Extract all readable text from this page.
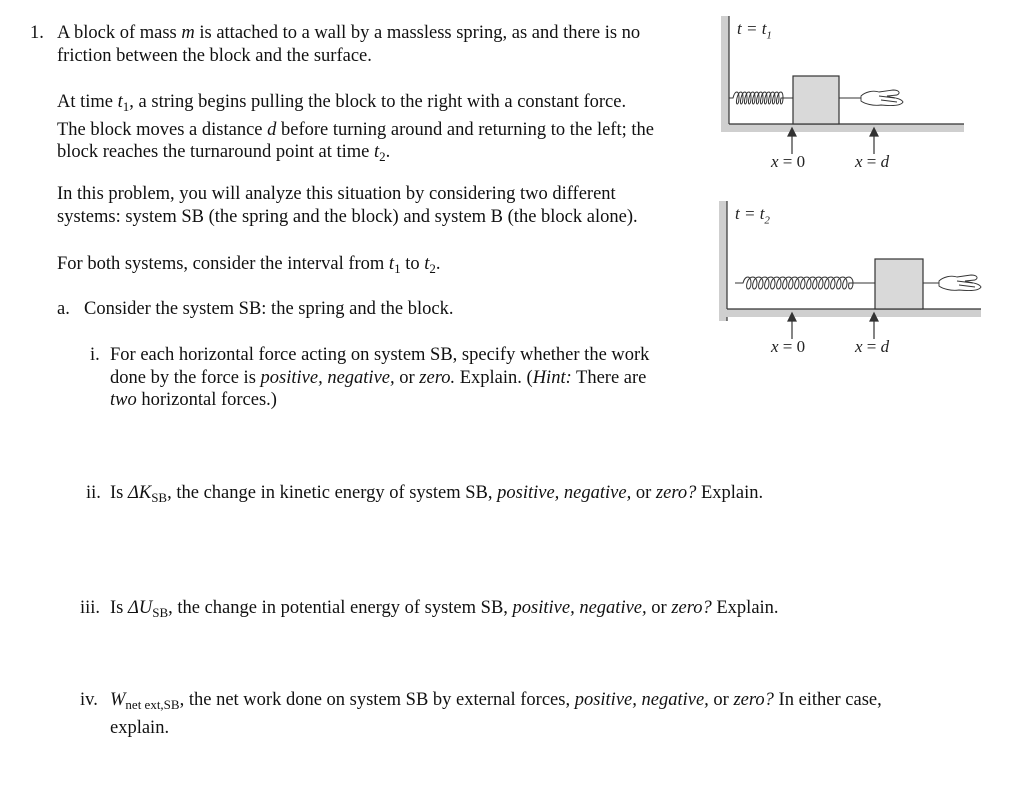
1. A block of mass m is attached to a wall by a massless spring, as and there is no
friction between the block and the surface.
At time $t_1$, a string begins pulling the block to the right with a constant force.
The block moves a distance d before turning around and returning to the left; the
block reaches the turnaround point at time $t_2$.
In this problem, you will analyze this situation by considering two different
systems: system SB (the spring and the block) and system B (the block alone).
For both systems, consider the interval from $t_1$ to $t_2$.
a. Consider the system SB: the spring and the block.
i. For each horizontal force acting on system SB, specify whether the work
done by the force is positive, negative, or zero. Explain. (Hint: There are
two horizontal forces.)
ii. Is $\Delta K_{SB}$, the change in kinetic energy of system SB, positive, negative, or zero? Explain.
iii. Is $\Delta U_{SB}$, the change in potential energy of system SB, positive, negative, or zero? Explain.
iv. $W_{net ext,SB}$, the net work done on system SB by external forces, positive, negative, or zero? In either case,
explain.
$t = t_1$
x = 0	x = d
$t = t_2$
x = 0	x = d
